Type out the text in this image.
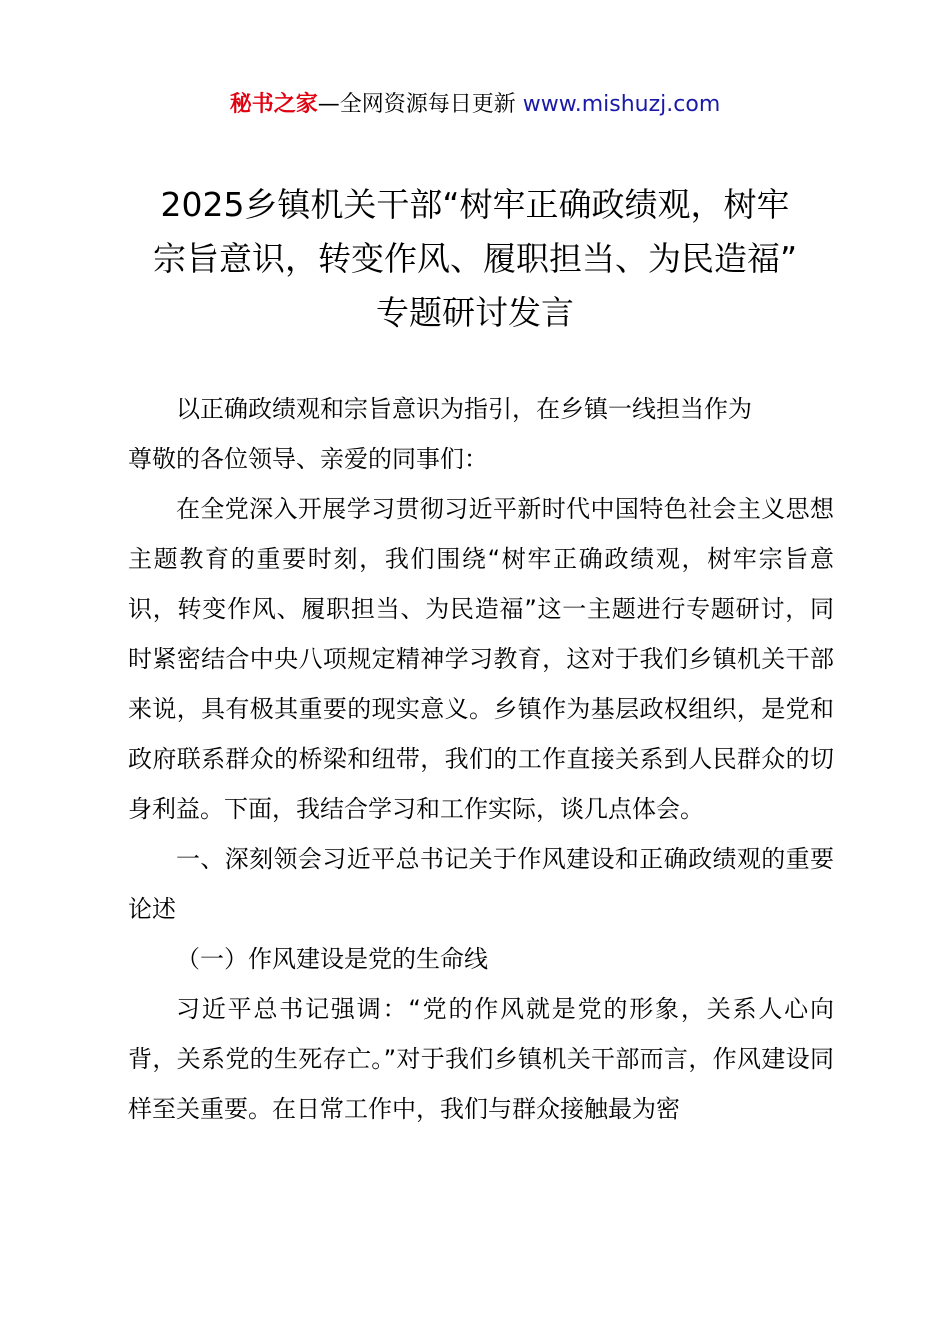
秘书之家—全网资源每日更新 www.mishuzj.com
2025乡镇机关干部“树牢正确政绩观，树牢
宗旨意识，转变作风、履职担当、为民造福”
专题研讨发言

以正确政绩观和宗旨意识为指引，在乡镇一线担当作为

尊敬的各位领导、亲爱的同事们：

在全党深入开展学习贯彻习近平新时代中国特色社会主义思想主题教育的重要时刻，我们围绕“树牢正确政绩观，树牢宗旨意识，转变作风、履职担当、为民造福”这一主题进行专题研讨，同时紧密结合中央八项规定精神学习教育，这对于我们乡镇机关干部来说，具有极其重要的现实意义。乡镇作为基层政权组织，是党和政府联系群众的桥梁和纽带，我们的工作直接关系到人民群众的切身利益。下面，我结合学习和工作实际，谈几点体会。

一、深刻领会习近平总书记关于作风建设和正确政绩观的重要论述

（一）作风建设是党的生命线

习近平总书记强调：“党的作风就是党的形象，关系人心向背，关系党的生死存亡。”对于我们乡镇机关干部而言，作风建设同样至关重要。在日常工作中，我们与群众接触最为密
